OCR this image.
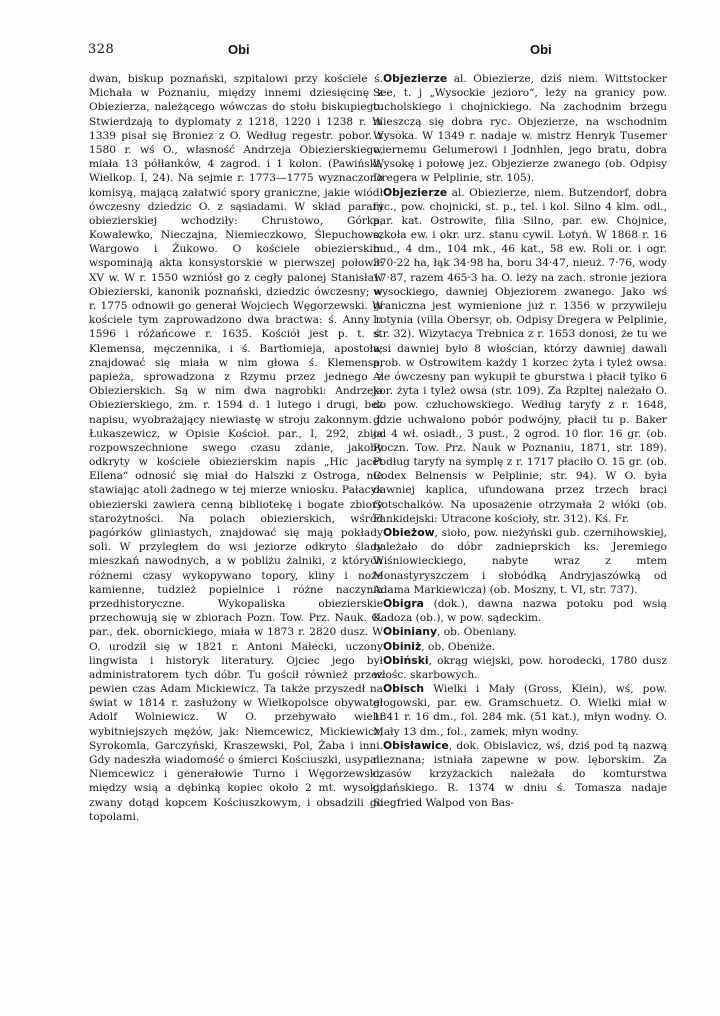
328	Obi	Obi

dwan, biskup poznański, szpitalowi przy kościele ś. Michała w Poznaniu, między innemi dziesięcinę z Obiezierza, należącego wówczas do stołu biskupiego. Stwierdzają to dyplomaty z 1218, 1220 i 1238 r. W 1339 pisał się Broniez z O. Według regestr. pobor. z 1580 r. wś O., własność Andrzeja Obiezierskiego, miała 13 półłanków, 4 zagrod. i 1 kolon. (Pawiński, Wielkop. I, 24). Na sejmie r. 1773—1775 wyznaczono komisyą, mającą załatwić spory graniczne, jakie wiódł ówczesny dziedzic O. z sąsiadami. W skład parafii obiezierskiej wchodziły: Chrustowo, Górka, Kowalewko, Nieczajna, Niemieczkowo, Ślepuchowo, Wargowo i Żukowo. O kościele obiezierskim wspominają akta konsystorskie w pierwszej połowie XV w. W r. 1550 wzniósł go z cegły palonej Stanisław Obiezierski, kanonik poznański, dziedzic ówczesny; w r. 1775 odnowił go generał Wojciech Węgorzewski. W kościele tym zaprowadzono dwa bractwa: ś. Anny r. 1596 i różańcowe r. 1635. Kościół jest p. t. ś. Klemensa, męczennika, i ś. Bartłomieja, apostoła; znajdować się miała w nim głowa ś. Klemensa, papieża, sprowadzona z Rzymu przez jednego z Obiezierskich. Są w nim dwa nagrobki: Andrzeja Obiezierskiego, zm. r. 1594 d. 1 lutego i drugi, bez napisu, wyobrażający niewiastę w stroju zakonnym. J. Łukaszewicz, w Opisie Kościoł. par., I, 292, zbija rozpowszechnione swego czasu zdanie, jakoby odkryty w kościele obiezierskim napis „Hic jacet Ellena“ odnosić się miał do Halszki z Ostroga, nie stawiając atoli żadnego w tej mierze wniosku. Pałacyk obiezierski zawiera cenną bibliotekę i bogate zbiory starożytności. Na polach obiezierskich, wśród pagórków gliniastych, znajdować się mają pokłady soli. W przyległem do wsi jeziorze odkryto ślady mieszkań nawodnych, a w pobliżu żalniki, z których różnemi czasy wykopywano topory, kliny i noże kamienne, tudzież popielnice i różne naczynia przedhistoryczne. Wykopaliska obiezierskie przechowują się w zbiorach Pozn. Tow. Prz. Nauk. O. par., dek. obornickiego, miała w 1873 r. 2820 dusz. W O. urodził się w 1821 r. Antoni Małecki, uczony lingwista i historyk literatury. Ojciec jego był administratorem tych dóbr. Tu gościł również przez pewien czas Adam Mickiewicz. Ta także przyszedł na świat w 1814 r. zasłużony w Wielkopolsce obywatel Adolf Wolniewicz. W O. przebywało wielu wybitniejszych mężów, jak: Niemcewicz, Mickiewicz, Syrokomla, Garczyński, Kraszewski, Pol, Żaba i inni. Gdy nadeszła wiadomość o śmierci Kościuszki, usypali Niemcewicz i generałowie Turno i Węgorzewski, między wsią a dębinką kopiec około 2 mt. wysoki, zwany dotąd kopcem Kościuszkowym, i obsadzili go topolami.

Objezierze al. Obiezierze, dziś niem. Wittstocker See, t. j „Wysockie jezioro“, leży na granicy pow. tucholskiego i chojnickiego. Na zachodnim brzegu mieszczą się dobra ryc. Objezierze, na wschodnim Wysoka. W 1349 r. nadaje w. mistrz Henryk Tusemer wiernemu Gelumerowi i Jodnhlen, jego bratu, dobra Wysokę i połowę jez. Objezierze zwanego (ob. Odpisy Dregera w Pelplinie, str. 105).

Objezierze al. Obiezierze, niem. Butzendorf, dobra ryc., pow. chojnicki, st. p., tel. i kol. Silno 4 klm. odl., par. kat. Ostrowite, filia Silno, par. ew. Chojnice, szkoła ew. i okr. urz. stanu cywil. Lotyń. W 1868 r. 16 bud., 4 dm., 104 mk., 46 kat., 58 ew. Roli or. i ogr. 370·22 ha, łąk 34·98 ha, boru 34·47, nieuż. 7·76, wody 17·87, razem 465·3 ha. O. leży na zach. stronie jeziora wysockiego, dawniej Objeziorem zwanego. Jako wś graniczna jest wymienione już r. 1356 w przywileju Lotynia (villa Obersyr, ob. Odpisy Dregera w Pelplinie, str. 32). Wizytacya Trebnica z r. 1653 donosi, że tu we wsi dawniej było 8 włościan, którzy dawniej dawali prob. w Ostrowitem każdy 1 korzec żyta i tyleż owsa. Ale ówczesny pan wykupił te gburstwa i płacił tylko 6 kor. żyta i tyleż owsa (str. 109). Za Rzpltej należało O. do pow. człuchowskiego. Według taryfy z r. 1648, gdzie uchwalono pobór podwójny, płacił tu p. Baker od 4 wł. osiadł., 3 pust., 2 ogrod. 10 flor. 16 gr. (ob. Roczn. Tow. Prz. Nauk w Poznaniu, 1871, str. 189). Podług taryfy na symplę z r. 1717 płaciło O. 15 gr. (ob. Codex Belnensis w Pelplinie, str. 94). W O. była dawniej kaplica, ufundowana przez trzech braci Gotschalków. Na uposażenie otrzymała 2 włóki (ob. Fankidejski: Utracone kościoły, str. 312). Kś. Fr.

Obieżow, sioło, pow. nieżyński gub. czernihowskiej, należało do dóbr zadnieprskich ks. Jeremiego Wiśniowieckiego, nabyte wraz z mtem Monastyryszczem i słobódką Andryjaszówką od Adama Markiewicza) (ob. Moszny, t. VI, str. 737).

Obigra (dok.), dawna nazwa potoku pod wsią Kadoza (ob.), w pow. sądeckim.

Obiniany, ob. Obeniany.

Obiniż, ob. Obeniże.

Obiński, okrąg wiejski, pow. horodecki, 1780 dusz włośc. skarbowych.

Obisch Wielki i Mały (Gross, Klein), wś, pow. głogowski, par. ew. Gramschuetz. O. Wielki miał w 1841 r. 16 dm., fol. 284 mk. (51 kat.), młyn wodny. O. Mały 13 dm., fol., zamek, młyn wodny.

Obisławice, dok. Obislavicz, wś, dziś pod tą nazwą nieznana; istniała zapewne w pow. lęborskim. Za czasów krzyżackich należała do komturstwa gdańskiego. R. 1374 w dniu ś. Tomasza nadaje Siegfried Walpod von Bas-
